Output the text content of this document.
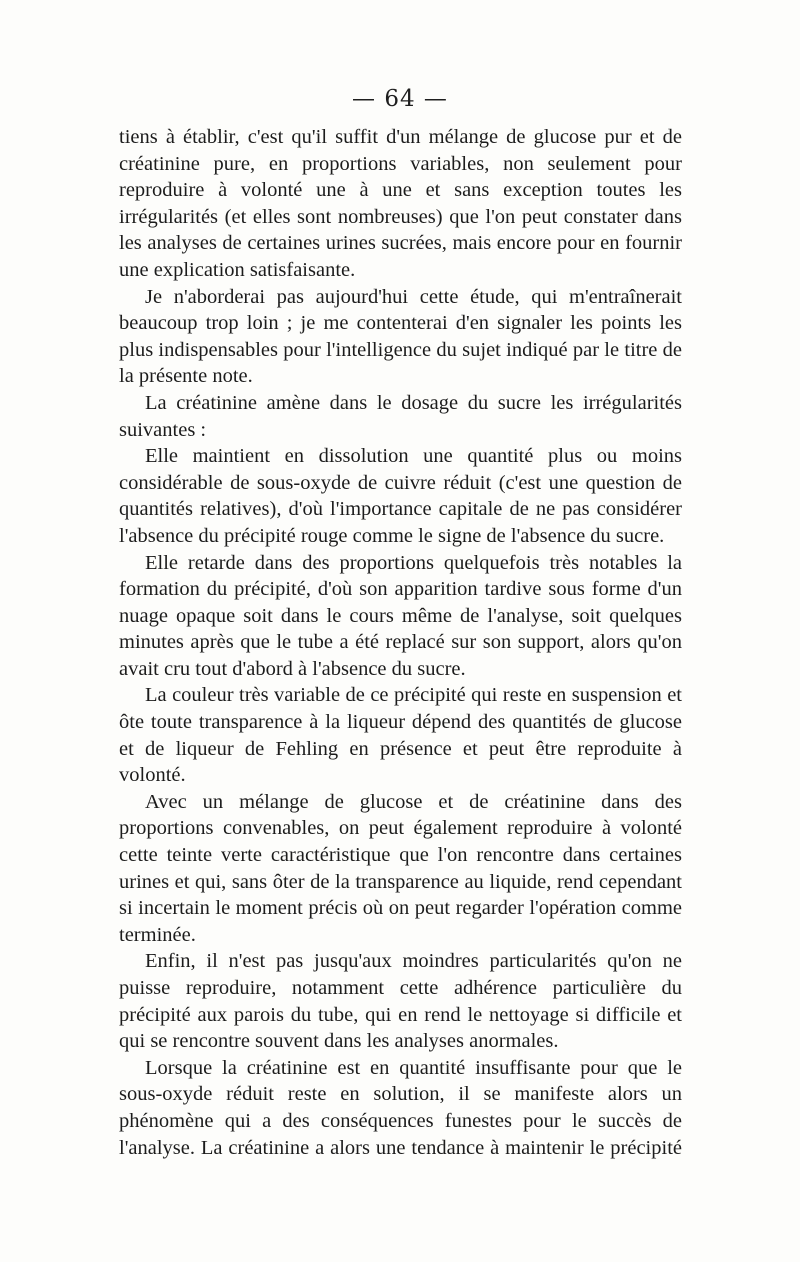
— 64 —

tiens à établir, c'est qu'il suffit d'un mélange de glucose pur et de créatinine pure, en proportions variables, non seulement pour reproduire à volonté une à une et sans exception toutes les irrégularités (et elles sont nombreuses) que l'on peut constater dans les analyses de certaines urines sucrées, mais encore pour en fournir une explication satisfaisante.

Je n'aborderai pas aujourd'hui cette étude, qui m'entraînerait beaucoup trop loin ; je me contenterai d'en signaler les points les plus indispensables pour l'intelligence du sujet indiqué par le titre de la présente note.

La créatinine amène dans le dosage du sucre les irrégularités suivantes :

Elle maintient en dissolution une quantité plus ou moins considérable de sous-oxyde de cuivre réduit (c'est une question de quantités relatives), d'où l'importance capitale de ne pas considérer l'absence du précipité rouge comme le signe de l'absence du sucre.

Elle retarde dans des proportions quelquefois très notables la formation du précipité, d'où son apparition tardive sous forme d'un nuage opaque soit dans le cours même de l'analyse, soit quelques minutes après que le tube a été replacé sur son support, alors qu'on avait cru tout d'abord à l'absence du sucre.

La couleur très variable de ce précipité qui reste en suspension et ôte toute transparence à la liqueur dépend des quantités de glucose et de liqueur de Fehling en présence et peut être reproduite à volonté.

Avec un mélange de glucose et de créatinine dans des proportions convenables, on peut également reproduire à volonté cette teinte verte caractéristique que l'on rencontre dans certaines urines et qui, sans ôter de la transparence au liquide, rend cependant si incertain le moment précis où on peut regarder l'opération comme terminée.

Enfin, il n'est pas jusqu'aux moindres particularités qu'on ne puisse reproduire, notamment cette adhérence particulière du précipité aux parois du tube, qui en rend le nettoyage si difficile et qui se rencontre souvent dans les analyses anormales.

Lorsque la créatinine est en quantité insuffisante pour que le sous-oxyde réduit reste en solution, il se manifeste alors un phénomène qui a des conséquences funestes pour le succès de l'analyse. La créatinine a alors une tendance à maintenir le précipité
